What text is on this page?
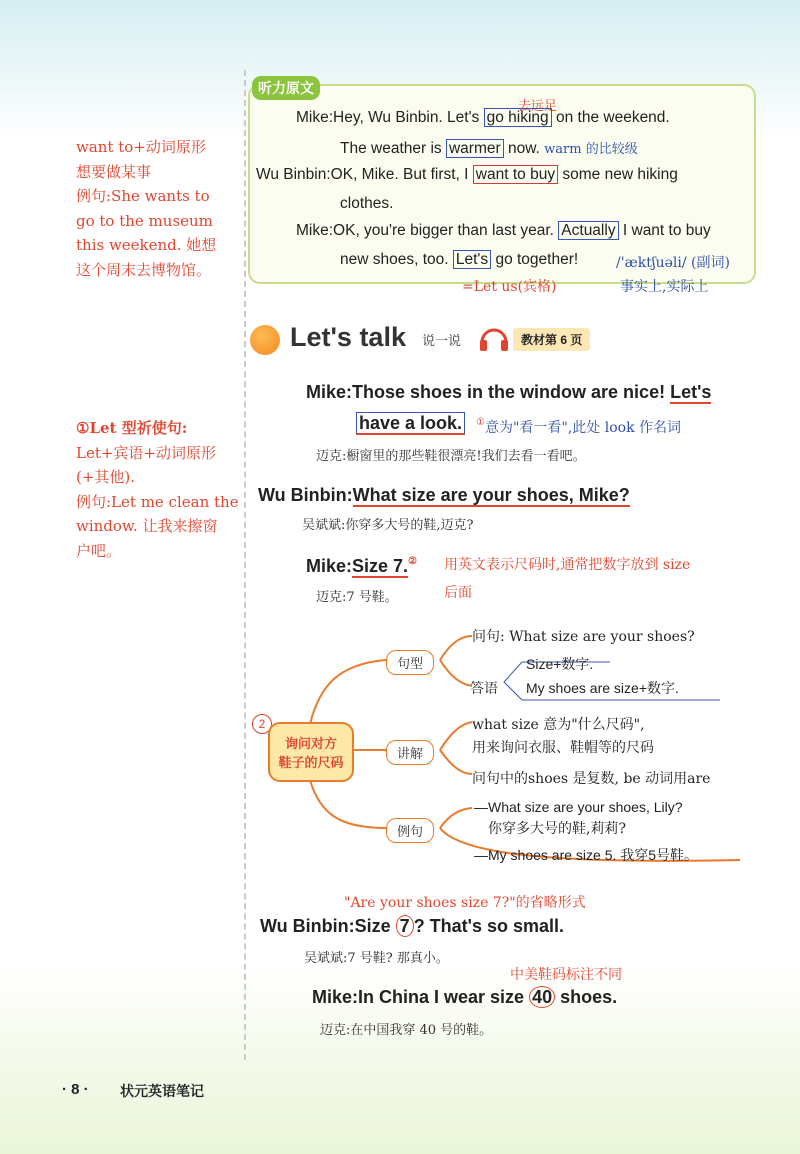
want to+动词原形
想要做某事
例句:She wants to
go to the museum
this weekend. 她想
这个周末去博物馆。
①Let 型祈使句:
Let+宾语+动词原形
(+其他).
例句:Let me clean the
window. 让我来擦窗
户吧。
听力原文
去远足
Mike:Hey, Wu Binbin. Let's go hiking on the weekend.
The weather is warmer now. warm 的比较级
Wu Binbin:OK, Mike. But first, I want to buy some new hiking
clothes.
Mike:OK, you're bigger than last year. Actually I want to buy
new shoes, too. Let's go together!	/'æktʃuəli/ (副词)
=Let us(宾格)	事实上,实际上
Let's talk 说一说	教材第 6 页
Mike:Those shoes in the window are nice! Let's
have a look.	①意为"看一看",此处 look 作名词
迈克:橱窗里的那些鞋很漂亮!我们去看一看吧。
Wu Binbin:What size are your shoes, Mike?
吴斌斌:你穿多大号的鞋,迈克?
Mike:Size 7.② 用英文表示尺码时,通常把数字放到 size
后面
迈克:7 号鞋。
2
询问对方
鞋子的尺码
句型
讲解
例句
问句: What size are your shoes?
答语
Size+数字.
My shoes are size+数字.
what size 意为"什么尺码",
用来询问衣服、鞋帽等的尺码
问句中的shoes 是复数, be 动词用are
—What size are your shoes, Lily?
你穿多大号的鞋,莉莉?
—My shoes are size 5. 我穿5号鞋。
"Are your shoes size 7?"的省略形式
Wu Binbin:Size 7 ? That's so small.
吴斌斌:7 号鞋? 那真小。
中美鞋码标注不同
Mike:In China I wear size 40 shoes.
迈克:在中国我穿 40 号的鞋。
· 8 · 状元英语笔记
